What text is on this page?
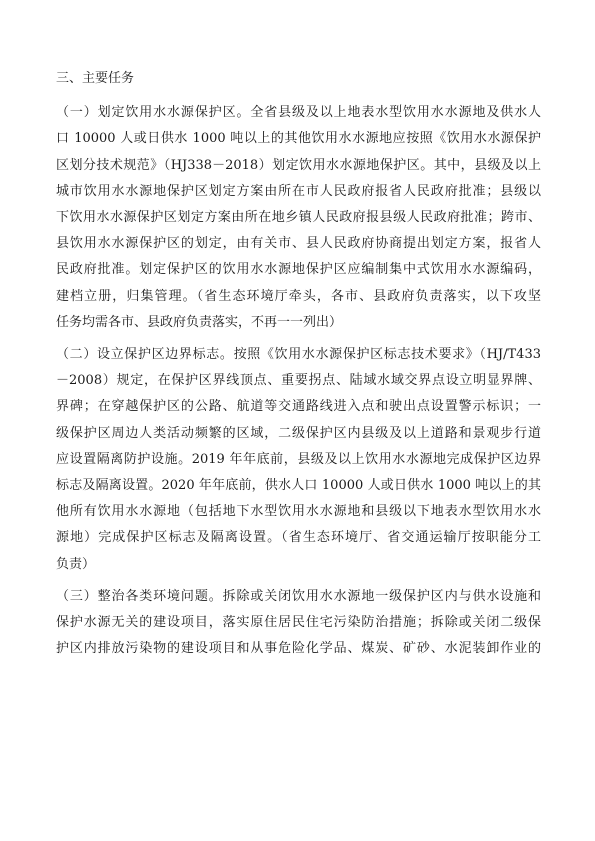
三、主要任务
（一）划定饮用水水源保护区。全省县级及以上地表水型饮用水水源地及供水人
口 10000 人或日供水 1000 吨以上的其他饮用水水源地应按照《饮用水水源保护
区划分技术规范》（HJ338－2018）划定饮用水水源地保护区。其中，县级及以上
城市饮用水水源地保护区划定方案由所在市人民政府报省人民政府批准；县级以
下饮用水水源保护区划定方案由所在地乡镇人民政府报县级人民政府批准；跨市、
县饮用水水源保护区的划定，由有关市、县人民政府协商提出划定方案，报省人
民政府批准。划定保护区的饮用水水源地保护区应编制集中式饮用水水源编码，
建档立册，归集管理。（省生态环境厅牵头，各市、县政府负责落实，以下攻坚
任务均需各市、县政府负责落实，不再一一列出）
（二）设立保护区边界标志。按照《饮用水水源保护区标志技术要求》（HJ/T433
－2008）规定，在保护区界线顶点、重要拐点、陆域水域交界点设立明显界牌、
界碑；在穿越保护区的公路、航道等交通路线进入点和驶出点设置警示标识；一
级保护区周边人类活动频繁的区域，二级保护区内县级及以上道路和景观步行道
应设置隔离防护设施。2019 年年底前，县级及以上饮用水水源地完成保护区边界
标志及隔离设置。2020 年年底前，供水人口 10000 人或日供水 1000 吨以上的其
他所有饮用水水源地（包括地下水型饮用水水源地和县级以下地表水型饮用水水
源地）完成保护区标志及隔离设置。（省生态环境厅、省交通运输厅按职能分工
负责）
（三）整治各类环境问题。拆除或关闭饮用水水源地一级保护区内与供水设施和
保护水源无关的建设项目，落实原住居民住宅污染防治措施；拆除或关闭二级保
护区内排放污染物的建设项目和从事危险化学品、煤炭、矿砂、水泥装卸作业的
